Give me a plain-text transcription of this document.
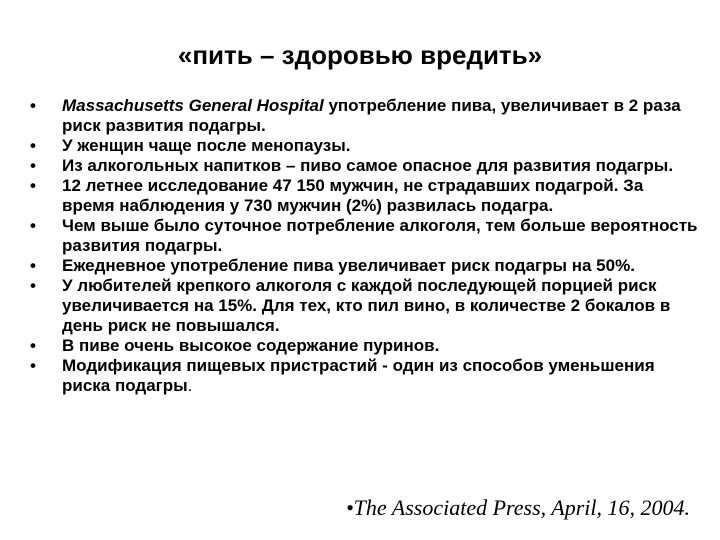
«пить – здоровью вредить»
•	Massachusetts General Hospital употребление пива, увеличивает в 2 раза риск развития подагры.
•	У женщин чаще после менопаузы.
•	Из алкогольных напитков – пиво самое опасное для развития подагры.
•	12 летнее исследование 47 150 мужчин, не страдавших подагрой. За время наблюдения у 730 мужчин (2%) развилась подагра.
•	Чем выше было суточное потребление алкоголя, тем больше вероятность развития подагры.
•	Ежедневное употребление пива увеличивает риск подагры на 50%.
•	У любителей крепкого алкоголя с каждой последующей порцией риск увеличивается на 15%. Для тех, кто пил вино, в количестве 2 бокалов в день риск не повышался.
•	В пиве очень высокое содержание пуринов.
•	Модификация пищевых пристрастий - один из способов уменьшения риска подагры.
•The Associated Press, April, 16, 2004.
